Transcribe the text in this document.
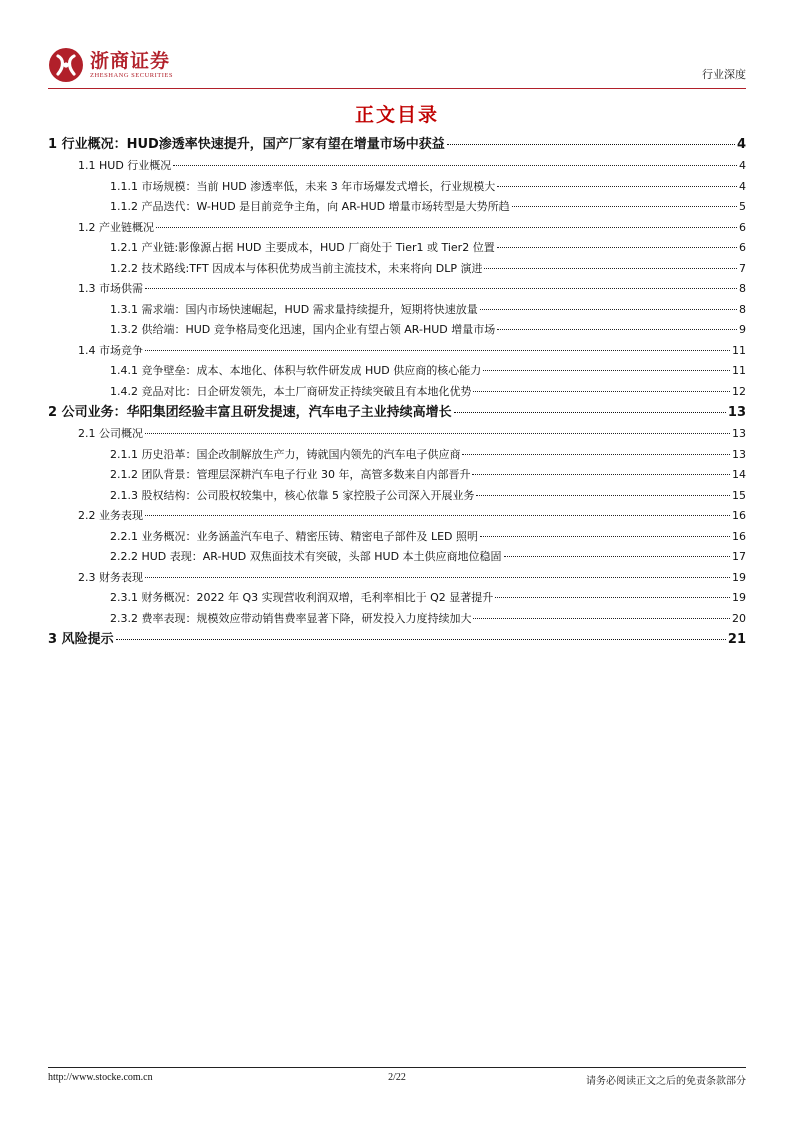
浙商证券
ZHESHANG SECURITIES	行业深度
正文目录
1 行业概况：HUD渗透率快速提升，国产厂家有望在增量市场中获益	4
1.1 HUD 行业概况	4
1.1.1 市场规模：当前 HUD 渗透率低，未来 3 年市场爆发式增长，行业规模大	4
1.1.2 产品迭代：W-HUD 是目前竞争主角，向 AR-HUD 增量市场转型是大势所趋	5
1.2 产业链概况	6
1.2.1 产业链:影像源占据 HUD 主要成本，HUD 厂商处于 Tier1 或 Tier2 位置	6
1.2.2 技术路线:TFT 因成本与体积优势成当前主流技术，未来将向 DLP 演进	7
1.3 市场供需	8
1.3.1 需求端：国内市场快速崛起，HUD 需求量持续提升，短期将快速放量	8
1.3.2 供给端：HUD 竞争格局变化迅速，国内企业有望占领 AR-HUD 增量市场	9
1.4 市场竞争	11
1.4.1 竞争壁垒：成本、本地化、体积与软件研发成 HUD 供应商的核心能力	11
1.4.2 竞品对比：日企研发领先，本土厂商研发正持续突破且有本地化优势	12
2 公司业务：华阳集团经验丰富且研发提速，汽车电子主业持续高增长	13
2.1 公司概况	13
2.1.1 历史沿革：国企改制解放生产力，铸就国内领先的汽车电子供应商	13
2.1.2 团队背景：管理层深耕汽车电子行业 30 年，高管多数来自内部晋升	14
2.1.3 股权结构：公司股权较集中，核心依靠 5 家控股子公司深入开展业务	15
2.2 业务表现	16
2.2.1 业务概况：业务涵盖汽车电子、精密压铸、精密电子部件及 LED 照明	16
2.2.2 HUD 表现：AR-HUD 双焦面技术有突破，头部 HUD 本土供应商地位稳固	17
2.3 财务表现	19
2.3.1 财务概况：2022 年 Q3 实现营收利润双增，毛利率相比于 Q2 显著提升	19
2.3.2 费率表现：规模效应带动销售费率显著下降，研发投入力度持续加大	20
3 风险提示	21
http://www.stocke.com.cn	2/22	请务必阅读正文之后的免责条款部分
